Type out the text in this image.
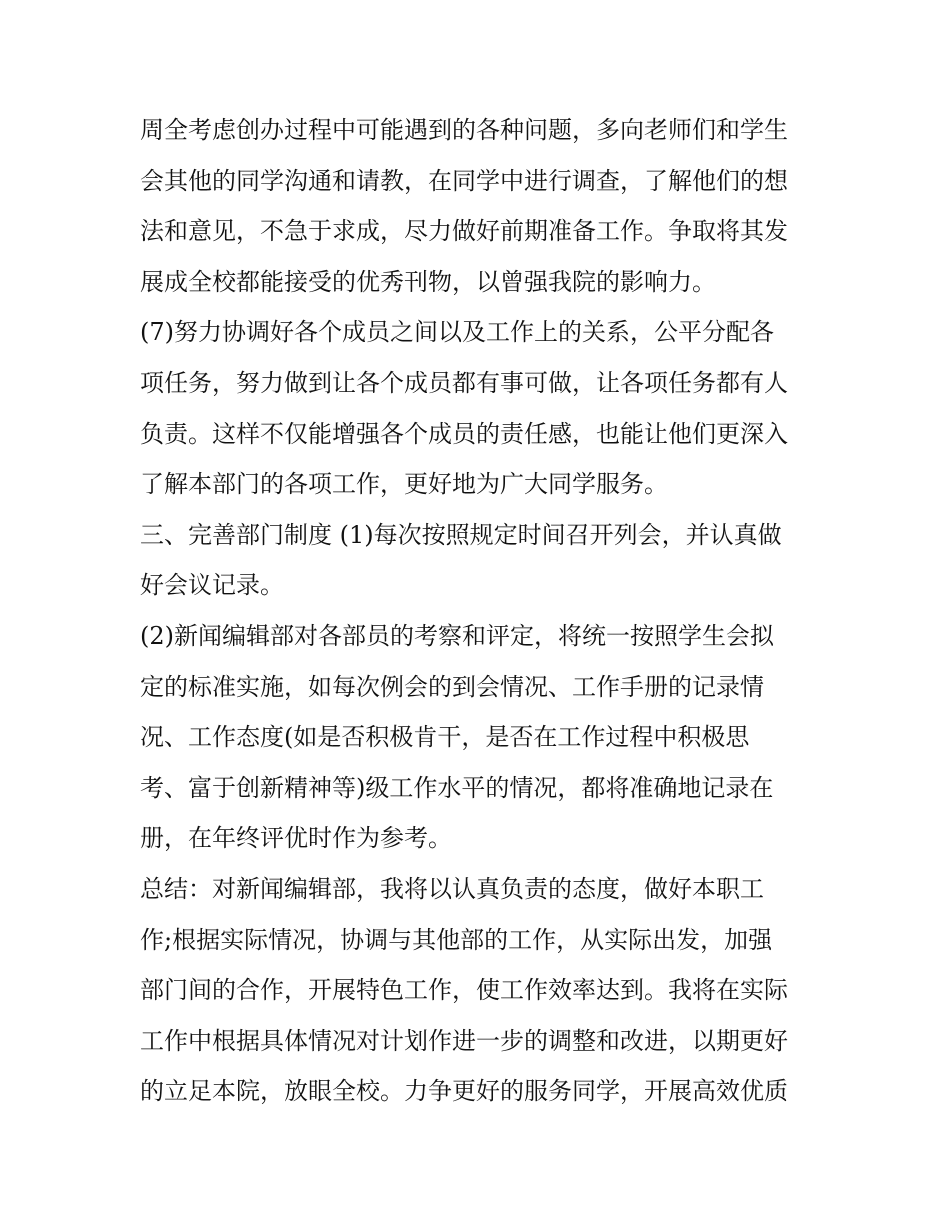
周全考虑创办过程中可能遇到的各种问题，多向老师们和学生
会其他的同学沟通和请教，在同学中进行调查，了解他们的想
法和意见，不急于求成，尽力做好前期准备工作。争取将其发
展成全校都能接受的优秀刊物，以曾强我院的影响力。
(7)努力协调好各个成员之间以及工作上的关系，公平分配各
项任务，努力做到让各个成员都有事可做，让各项任务都有人
负责。这样不仅能增强各个成员的责任感，也能让他们更深入
了解本部门的各项工作，更好地为广大同学服务。
三、完善部门制度 (1)每次按照规定时间召开列会，并认真做
好会议记录。
(2)新闻编辑部对各部员的考察和评定，将统一按照学生会拟
定的标准实施，如每次例会的到会情况、工作手册的记录情
况、工作态度(如是否积极肯干，是否在工作过程中积极思
考、富于创新精神等)级工作水平的情况，都将准确地记录在
册，在年终评优时作为参考。
总结：对新闻编辑部，我将以认真负责的态度，做好本职工
作;根据实际情况，协调与其他部的工作，从实际出发，加强
部门间的合作，开展特色工作，使工作效率达到。我将在实际
工作中根据具体情况对计划作进一步的调整和改进，以期更好
的立足本院，放眼全校。力争更好的服务同学，开展高效优质
